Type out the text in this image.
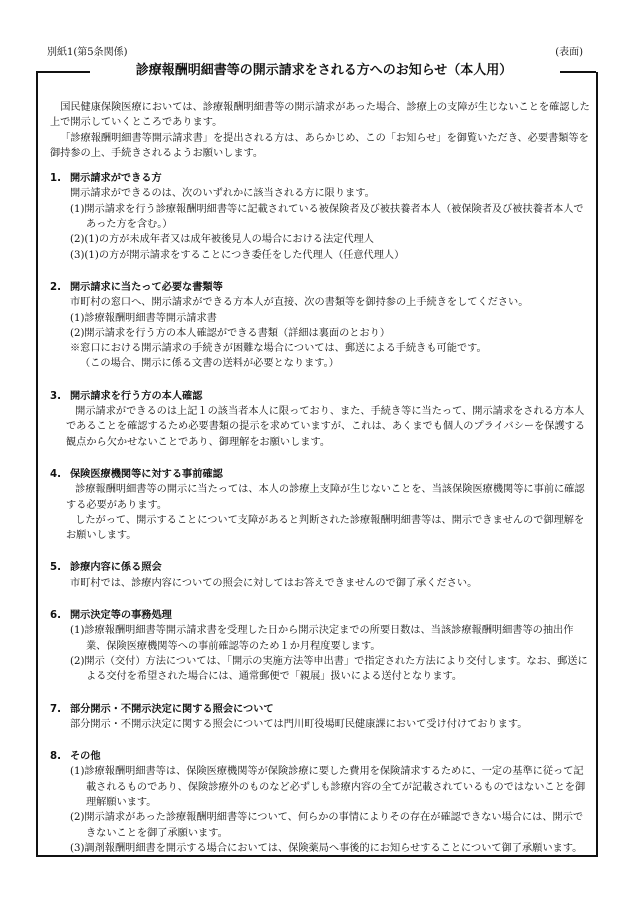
別紙1(第5条関係)	(表面)
診療報酬明細書等の開示請求をされる方へのお知らせ（本人用）

国民健康保険医療においては、診療報酬明細書等の開示請求があった場合、診療上の支障が生じないことを確認した上で開示していくところであります。

「診療報酬明細書等開示請求書」を提出される方は、あらかじめ、この「お知らせ」を御覧いただき、必要書類等を御持参の上、手続きされるようお願いします。

1. 開示請求ができる方

開示請求ができるのは、次のいずれかに該当される方に限ります。

(1)開示請求を行う診療報酬明細書等に記載されている被保険者及び被扶養者本人（被保険者及び被扶養者本人であった方を含む。）

(2)(1)の方が未成年者又は成年被後見人の場合における法定代理人

(3)(1)の方が開示請求をすることにつき委任をした代理人（任意代理人）

2. 開示請求に当たって必要な書類等

市町村の窓口へ、開示請求ができる方本人が直接、次の書類等を御持参の上手続きをしてください。

(1)診療報酬明細書等開示請求書

(2)開示請求を行う方の本人確認ができる書類（詳細は裏面のとおり）

※窓口における開示請求の手続きが困難な場合については、郵送による手続きも可能です。

（この場合、開示に係る文書の送料が必要となります。）

3. 開示請求を行う方の本人確認

開示請求ができるのは上記１の該当者本人に限っており、また、手続き等に当たって、開示請求をされる方本人であることを確認するため必要書類の提示を求めていますが、これは、あくまでも個人のプライバシーを保護する観点から欠かせないことであり、御理解をお願いします。

4. 保険医療機関等に対する事前確認

診療報酬明細書等の開示に当たっては、本人の診療上支障が生じないことを、当該保険医療機関等に事前に確認する必要があります。

したがって、開示することについて支障があると判断された診療報酬明細書等は、開示できませんので御理解をお願いします。

5. 診療内容に係る照会

市町村では、診療内容についての照会に対してはお答えできませんので御了承ください。

6. 開示決定等の事務処理

(1)診療報酬明細書等開示請求書を受理した日から開示決定までの所要日数は、当該診療報酬明細書等の抽出作業、保険医療機関等への事前確認等のため１か月程度要します。

(2)開示（交付）方法については、「開示の実施方法等申出書」で指定された方法により交付します。なお、郵送による交付を希望された場合には、通常郵便で「親展」扱いによる送付となります。

7. 部分開示・不開示決定に関する照会について

部分開示・不開示決定に関する照会については門川町役場町民健康課において受け付けております。

8. その他

(1)診療報酬明細書等は、保険医療機関等が保険診療に要した費用を保険請求するために、一定の基準に従って記載されるものであり、保険診療外のものなど必ずしも診療内容の全てが記載されているものではないことを御理解願います。

(2)開示請求があった診療報酬明細書等について、何らかの事情によりその存在が確認できない場合には、開示できないことを御了承願います。

(3)調剤報酬明細書を開示する場合においては、保険薬局へ事後的にお知らせすることについて御了承願います。
